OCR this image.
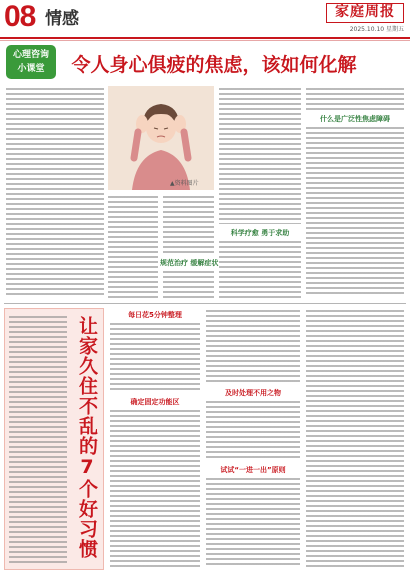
08 情感	家庭周报
2025.10.10 星期五
心理咨询
小课堂	令人身心俱疲的焦虑，该如何化解
▲资料图片
规范治疗 缓解症状
科学疗愈 勇于求助
什么是广泛性焦虑障碍
让家久住不乱的7个好习惯
每日花5分钟整理
确定固定功能区
及时处理不用之物
试试“一进一出”原则
